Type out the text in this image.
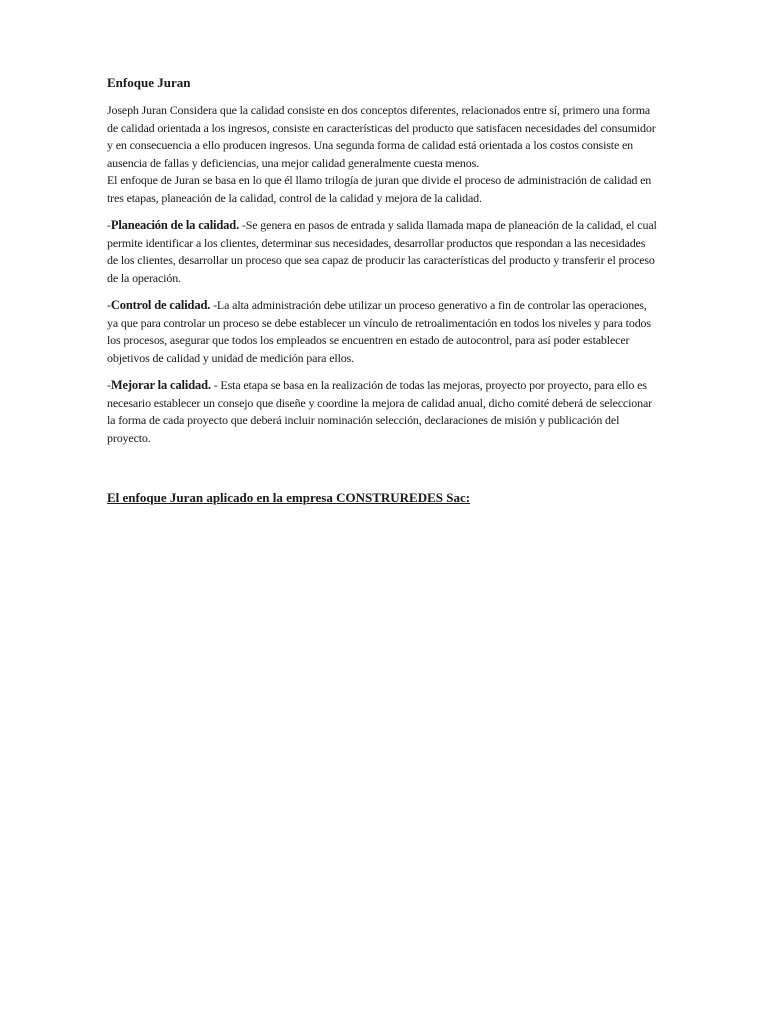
Enfoque Juran

Joseph Juran Considera que la calidad consiste en dos conceptos diferentes, relacionados entre sí, primero una forma de calidad orientada a los ingresos, consiste en características del producto que satisfacen necesidades del consumidor y en consecuencia a ello producen ingresos. Una segunda forma de calidad está orientada a los costos consiste en ausencia de fallas y deficiencias, una mejor calidad generalmente cuesta menos.

El enfoque de Juran se basa en lo que él llamo trilogía de juran que divide el proceso de administración de calidad en tres etapas, planeación de la calidad, control de la calidad y mejora de la calidad.

-Planeación de la calidad. -Se genera en pasos de entrada y salida llamada mapa de planeación de la calidad, el cual permite identificar a los clientes, determinar sus necesidades, desarrollar productos que respondan a las necesidades de los clientes, desarrollar un proceso que sea capaz de producir las características del producto y transferir el proceso de la operación.

-Control de calidad. -La alta administración debe utilizar un proceso generativo a fin de controlar las operaciones, ya que para controlar un proceso se debe establecer un vínculo de retroalimentación en todos los niveles y para todos los procesos, asegurar que todos los empleados se encuentren en estado de autocontrol, para así poder establecer objetivos de calidad y unidad de medición para ellos.

-Mejorar la calidad. - Esta etapa se basa en la realización de todas las mejoras, proyecto por proyecto, para ello es necesario establecer un consejo que diseñe y coordine la mejora de calidad anual, dicho comité deberá de seleccionar la forma de cada proyecto que deberá incluir nominación selección, declaraciones de misión y publicación del proyecto.

El enfoque Juran aplicado en la empresa CONSTRUREDES Sac:
